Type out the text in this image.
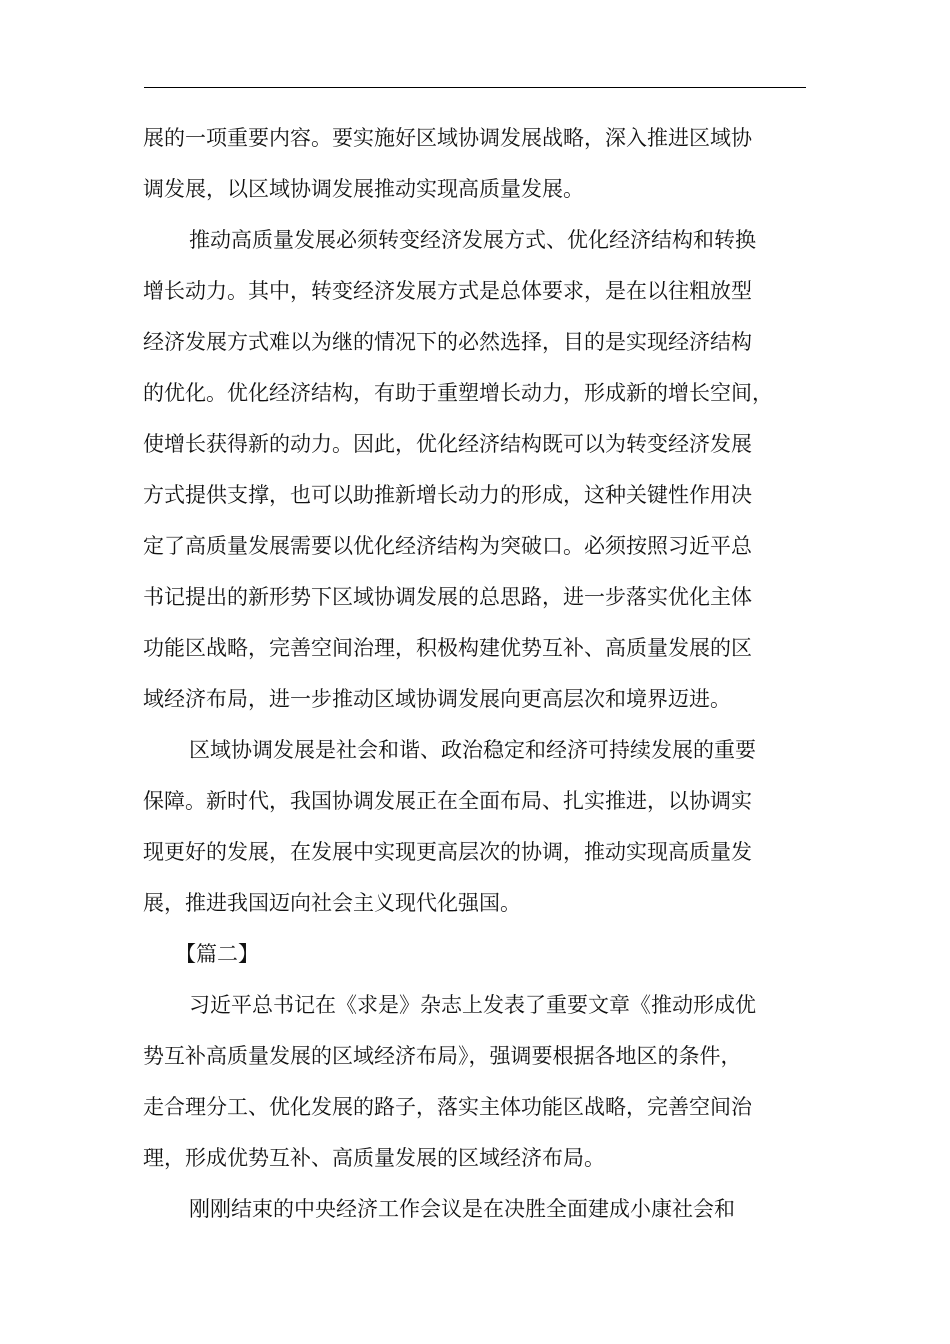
展的一项重要内容。要实施好区域协调发展战略，深入推进区域协
调发展，以区域协调发展推动实现高质量发展。
推动高质量发展必须转变经济发展方式、优化经济结构和转换
增长动力。其中，转变经济发展方式是总体要求，是在以往粗放型
经济发展方式难以为继的情况下的必然选择，目的是实现经济结构
的优化。优化经济结构，有助于重塑增长动力，形成新的增长空间，
使增长获得新的动力。因此，优化经济结构既可以为转变经济发展
方式提供支撑，也可以助推新增长动力的形成，这种关键性作用决
定了高质量发展需要以优化经济结构为突破口。必须按照习近平总
书记提出的新形势下区域协调发展的总思路，进一步落实优化主体
功能区战略，完善空间治理，积极构建优势互补、高质量发展的区
域经济布局，进一步推动区域协调发展向更高层次和境界迈进。
区域协调发展是社会和谐、政治稳定和经济可持续发展的重要
保障。新时代，我国协调发展正在全面布局、扎实推进，以协调实
现更好的发展，在发展中实现更高层次的协调，推动实现高质量发
展，推进我国迈向社会主义现代化强国。
【篇二】
习近平总书记在《求是》杂志上发表了重要文章《推动形成优
势互补高质量发展的区域经济布局》，强调要根据各地区的条件，
走合理分工、优化发展的路子，落实主体功能区战略，完善空间治
理，形成优势互补、高质量发展的区域经济布局。
刚刚结束的中央经济工作会议是在决胜全面建成小康社会和
